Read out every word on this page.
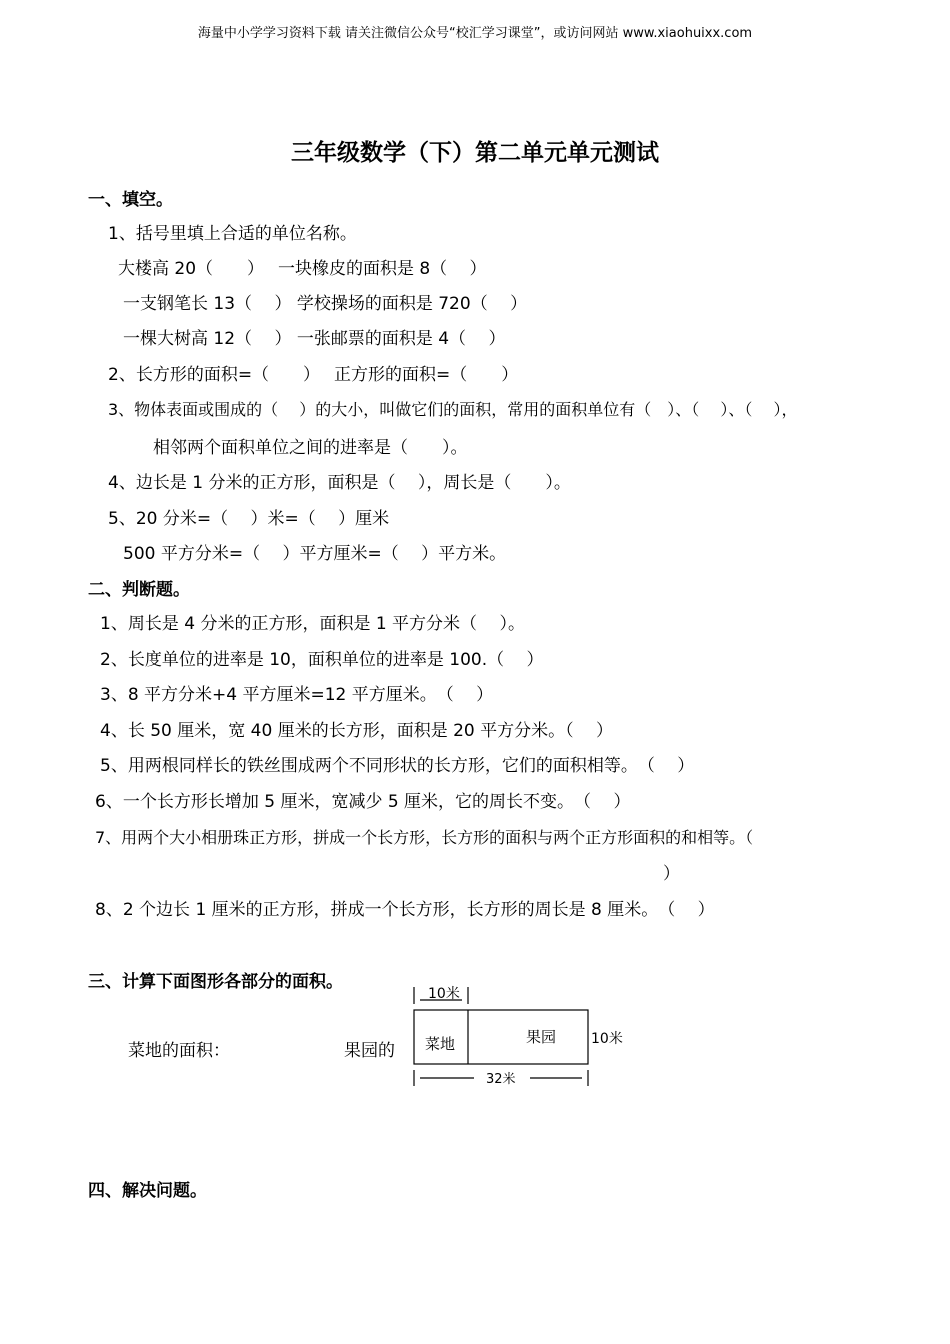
海量中小学学习资料下载 请关注微信公众号“校汇学习课堂”，或访问网站 www.xiaohuixx.com
三年级数学（下）第二单元单元测试
一、填空。
1、括号里填上合适的单位名称。
大楼高 20（　　）　 一块橡皮的面积是 8（　 ）
一支钢笔长 13（　 ） 学校操场的面积是 720（　 ）
一棵大树高 12（　 ） 一张邮票的面积是 4（　 ）
2、长方形的面积=（　　）　 正方形的面积=（　　）
3、物体表面或围成的（　 ）的大小，叫做它们的面积，常用的面积单位有（　）、（　 ）、（　 ），
相邻两个面积单位之间的进率是（　　）。
4、边长是 1 分米的正方形，面积是（　 ），周长是（　　）。
5、20 分米=（　 ）米=（　 ）厘米
500 平方分米=（　 ）平方厘米=（　 ）平方米。
二、判断题。
1、周长是 4 分米的正方形，面积是 1 平方分米（　 ）。
2、长度单位的进率是 10，面积单位的进率是 100.（　 ）
3、8 平方分米+4 平方厘米=12 平方厘米。　（　 ）
4、长 50 厘米，宽 40 厘米的长方形，面积是 20 平方分米。（　 ）
5、用两根同样长的铁丝围成两个不同形状的长方形，它们的面积相等。　（　 ）
6、一个长方形长增加 5 厘米，宽减少 5 厘米，它的周长不变。　（　 ）
7、用两个大小相册珠正方形，拼成一个长方形，长方形的面积与两个正方形面积的和相等。（
）
8、2 个边长 1 厘米的正方形，拼成一个长方形，长方形的周长是 8 厘米。　（　 ）
三、计算下面图形各部分的面积。
菜地的面积：	果园的
10米
菜地	果园 10米
32米
四、解决问题。
